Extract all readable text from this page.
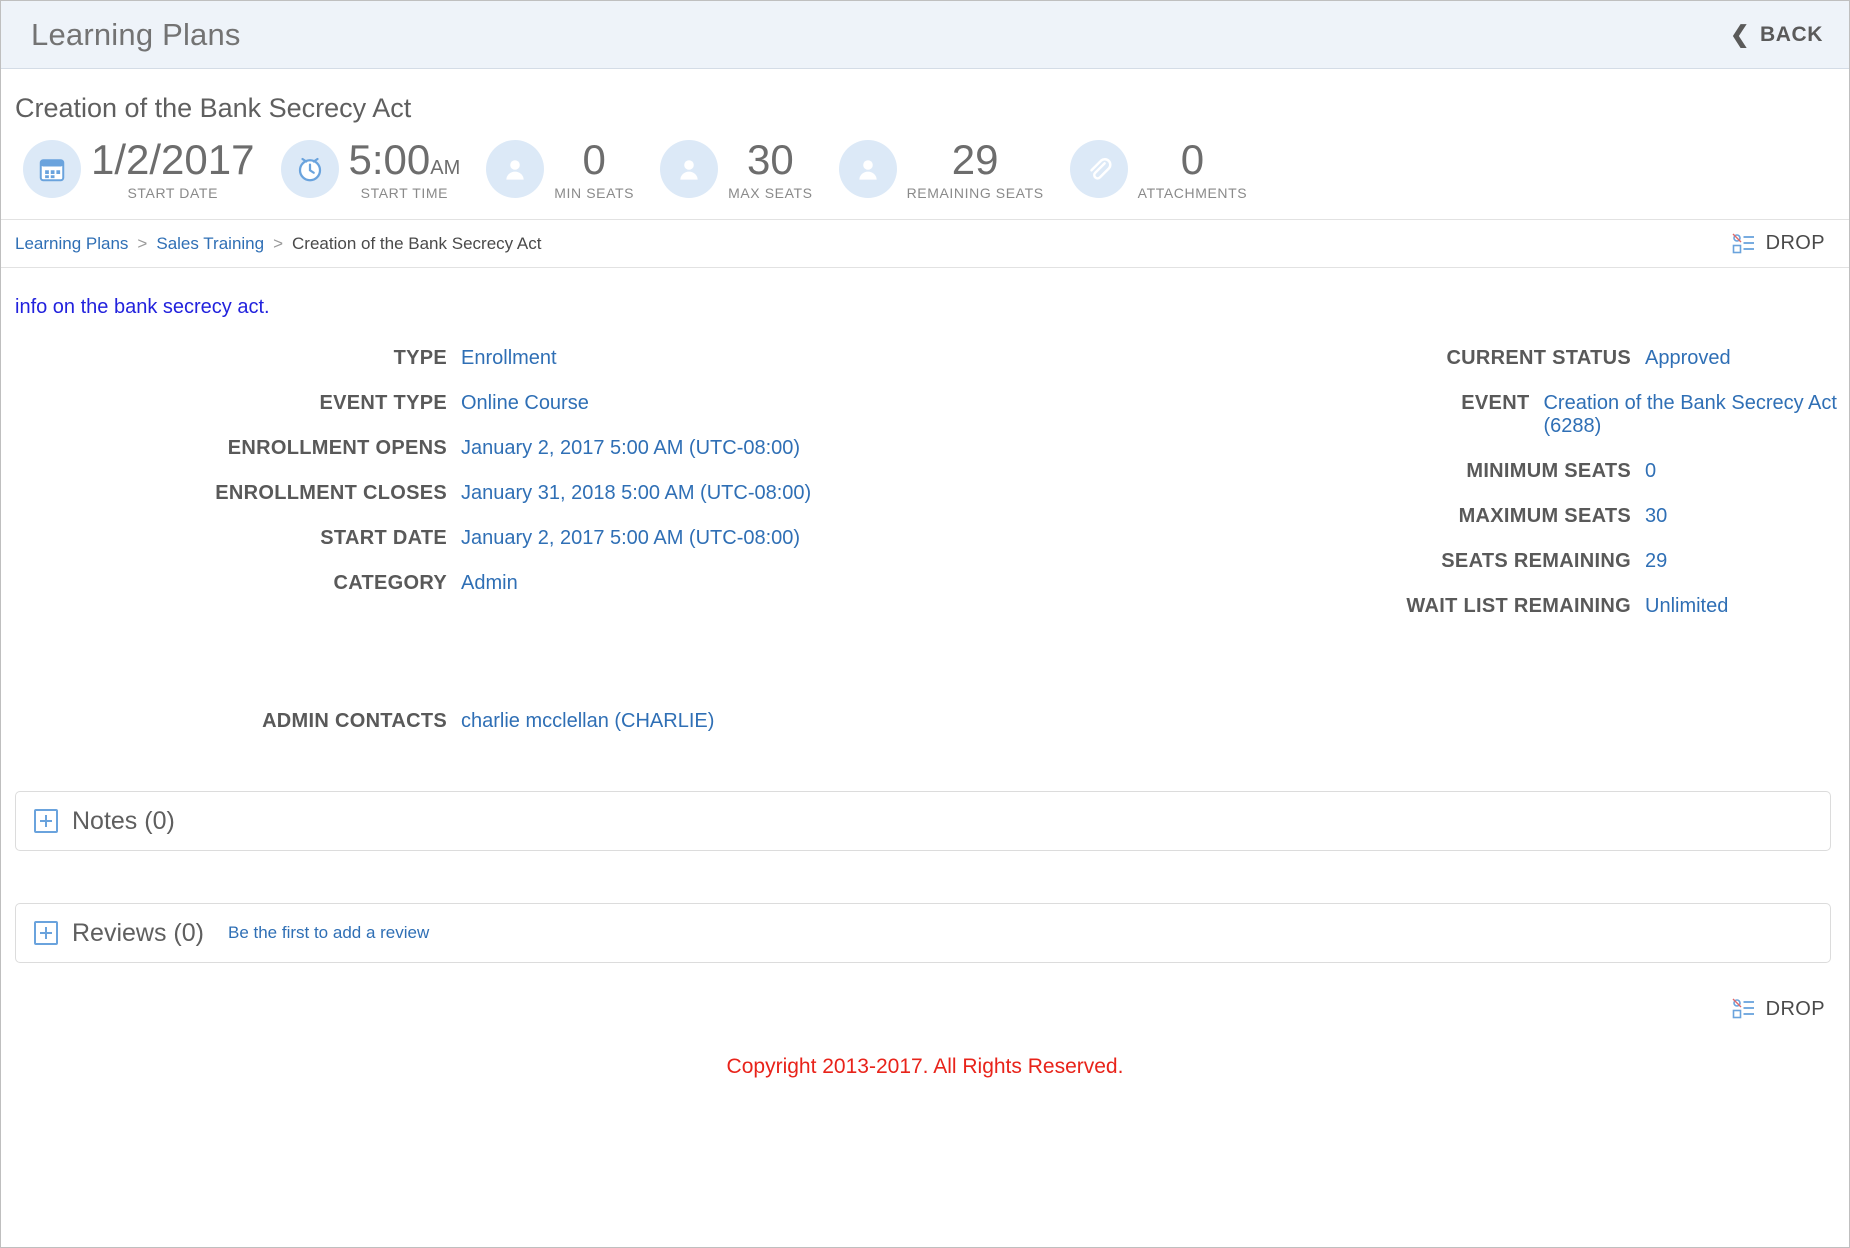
Learning Plans	❮ BACK
Creation of the Bank Secrecy Act
1/2/2017
START DATE
5:00AM
START TIME
0
MIN SEATS
30
MAX SEATS
29
REMAINING SEATS
0
ATTACHMENTS
Learning Plans > Sales Training > Creation of the Bank Secrecy Act	DROP
info on the bank secrecy act.
TYPE Enrollment
EVENT TYPE Online Course
ENROLLMENT OPENS January 2, 2017 5:00 AM (UTC-08:00)
ENROLLMENT CLOSES January 31, 2018 5:00 AM (UTC-08:00)
START DATE January 2, 2017 5:00 AM (UTC-08:00)
CATEGORY Admin
CURRENT STATUS Approved
EVENT Creation of the Bank Secrecy Act (6288)
MINIMUM SEATS 0
MAXIMUM SEATS 30
SEATS REMAINING 29
WAIT LIST REMAINING Unlimited
ADMIN CONTACTS charlie mcclellan (CHARLIE)
Notes (0)
Reviews (0) Be the first to add a review
DROP
Copyright 2013-2017. All Rights Reserved.
